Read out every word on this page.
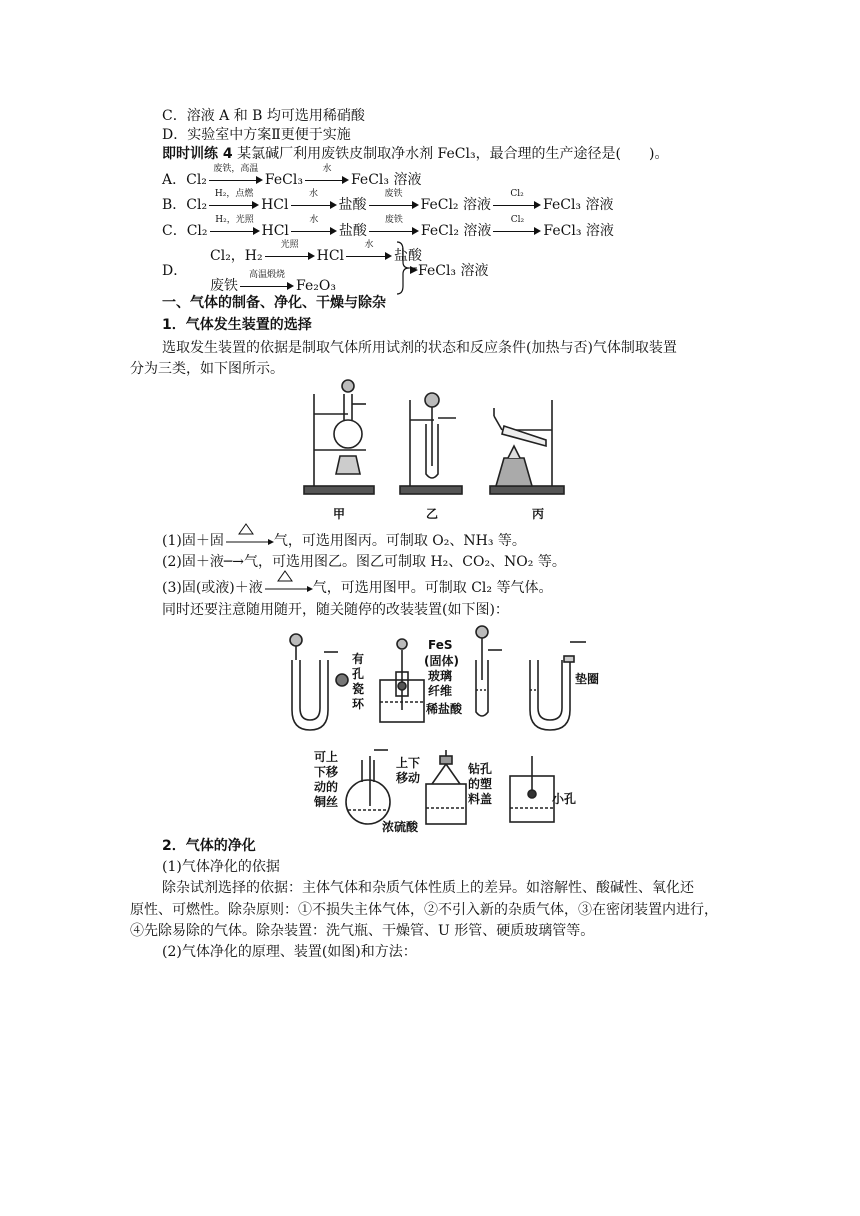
C．溶液 A 和 B 均可选用稀硝酸
D．实验室中方案Ⅱ更便于实施
即时训练 4 某氯碱厂利用废铁皮制取净水剂 FeCl₃，最合理的生产途径是(　　)。
A．Cl₂
废铁，高温
FeCl₃
水
FeCl₃ 溶液
B．Cl₂
H₂，点燃
HCl
水
盐酸
废铁
FeCl₂ 溶液
Cl₂
FeCl₃ 溶液
C．Cl₂
H₂，光照
HCl
水
盐酸
废铁
FeCl₂ 溶液
Cl₂
FeCl₃ 溶液
D．
Cl₂，H₂
光照
HCl
水
盐酸
废铁
高温煅烧
Fe₂O₃
FeCl₃ 溶液
一、气体的制备、净化、干燥与除杂
1．气体发生装置的选择
选取发生装置的依据是制取气体所用试剂的状态和反应条件(加热与否)气体制取装置
分为三类，如下图所示。
甲	乙	丙
(1)固＋固	气，可选用图丙。可制取 O₂、NH₃ 等。
(2)固＋液─→气，可选用图乙。图乙可制取 H₂、CO₂、NO₂ 等。
(3)固(或液)＋液	气，可选用图甲。可制取 Cl₂ 等气体。
同时还要注意随用随开，随关随停的改装装置(如下图)：
有孔瓷环
FeS
(固体)
玻璃
纤维
稀盐酸
垫圈
可上下移动的铜丝
浓硫酸
上下移动
钻孔的塑料盖	小孔
2．气体的净化
(1)气体净化的依据
除杂试剂选择的依据：主体气体和杂质气体性质上的差异。如溶解性、酸碱性、氧化还
原性、可燃性。除杂原则：①不损失主体气体，②不引入新的杂质气体，③在密闭装置内进行，
④先除易除的气体。除杂装置：洗气瓶、干燥管、U 形管、硬质玻璃管等。
(2)气体净化的原理、装置(如图)和方法：
